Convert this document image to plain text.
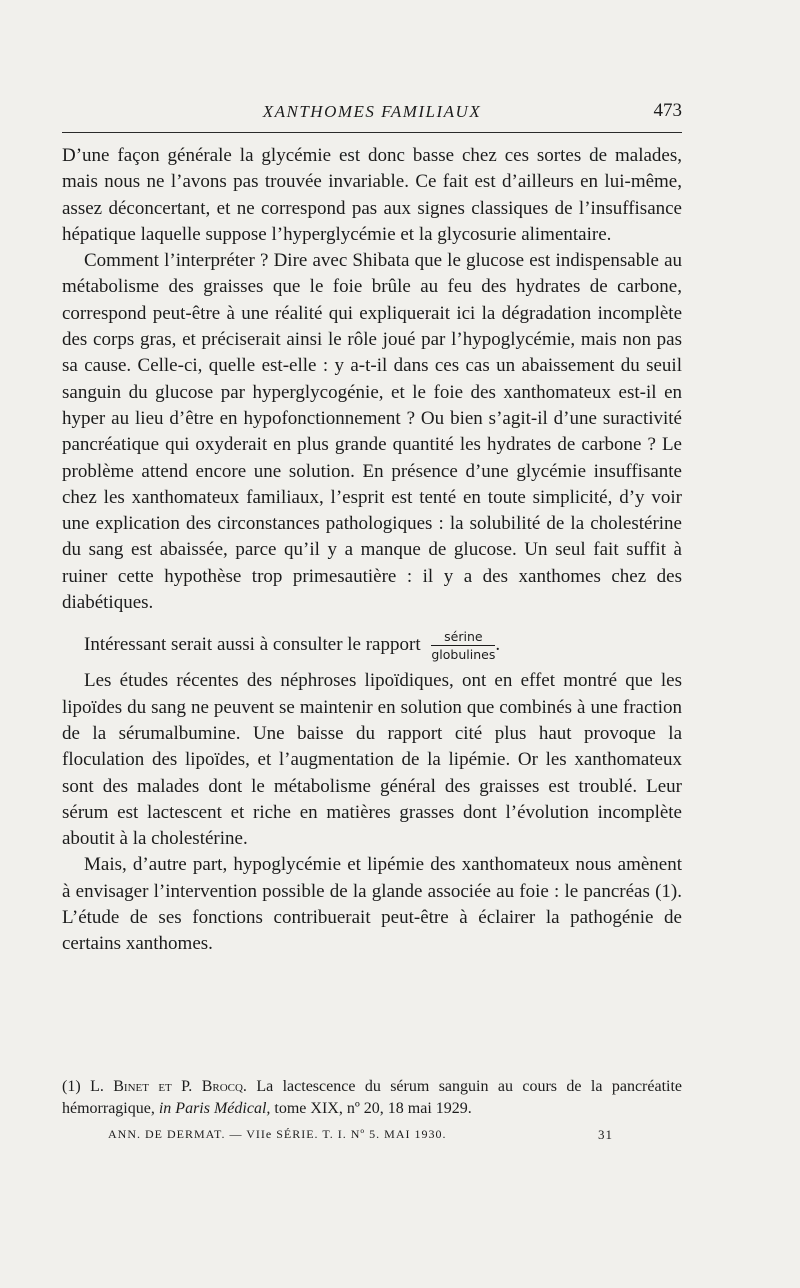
XANTHOMES FAMILIAUX	473

D’une façon générale la glycémie est donc basse chez ces sortes de malades, mais nous ne l’avons pas trouvée invariable. Ce fait est d’ailleurs en lui-même, assez déconcertant, et ne correspond pas aux signes classiques de l’insuffisance hépatique laquelle suppose l’hyperglycémie et la glycosurie alimentaire.

Comment l’interpréter ? Dire avec Shibata que le glucose est indispensable au métabolisme des graisses que le foie brûle au feu des hydrates de carbone, correspond peut-être à une réalité qui expliquerait ici la dégradation incomplète des corps gras, et préciserait ainsi le rôle joué par l’hypoglycémie, mais non pas sa cause. Celle-ci, quelle est-elle : y a-t-il dans ces cas un abaissement du seuil sanguin du glucose par hyperglycogénie, et le foie des xanthomateux est-il en hyper au lieu d’être en hypofonctionnement ? Ou bien s’agit-il d’une suractivité pancréatique qui oxyderait en plus grande quantité les hydrates de carbone ? Le problème attend encore une solution. En présence d’une glycémie insuffisante chez les xanthomateux familiaux, l’esprit est tenté en toute simplicité, d’y voir une explication des circonstances pathologiques : la solubilité de la cholestérine du sang est abaissée, parce qu’il y a manque de glucose. Un seul fait suffit à ruiner cette hypothèse trop primesautière : il y a des xanthomes chez des diabétiques.

Intéressant serait aussi à consulter le rapport $\frac{\text{sérine}}{\text{globulines}}$ .

Les études récentes des néphroses lipoïdiques, ont en effet montré que les lipoïdes du sang ne peuvent se maintenir en solution que combinés à une fraction de la sérumalbumine. Une baisse du rapport cité plus haut provoque la floculation des lipoïdes, et l’augmentation de la lipémie. Or les xanthomateux sont des malades dont le métabolisme général des graisses est troublé. Leur sérum est lactescent et riche en matières grasses dont l’évolution incomplète aboutit à la cholestérine.

Mais, d’autre part, hypoglycémie et lipémie des xanthomateux nous amènent à envisager l’intervention possible de la glande associée au foie : le pancréas (1). L’étude de ses fonctions contribuerait peut-être à éclairer la pathogénie de certains xanthomes.

(1) L. Binet et P. Brocq. La lactescence du sérum sanguin au cours de la pancréatite hémorragique, in Paris Médical, tome XIX, nº 20, 18 mai 1929.
ANN. DE DERMAT. — VIIe SÉRIE. T. I. Nº 5. MAI 1930.	31
